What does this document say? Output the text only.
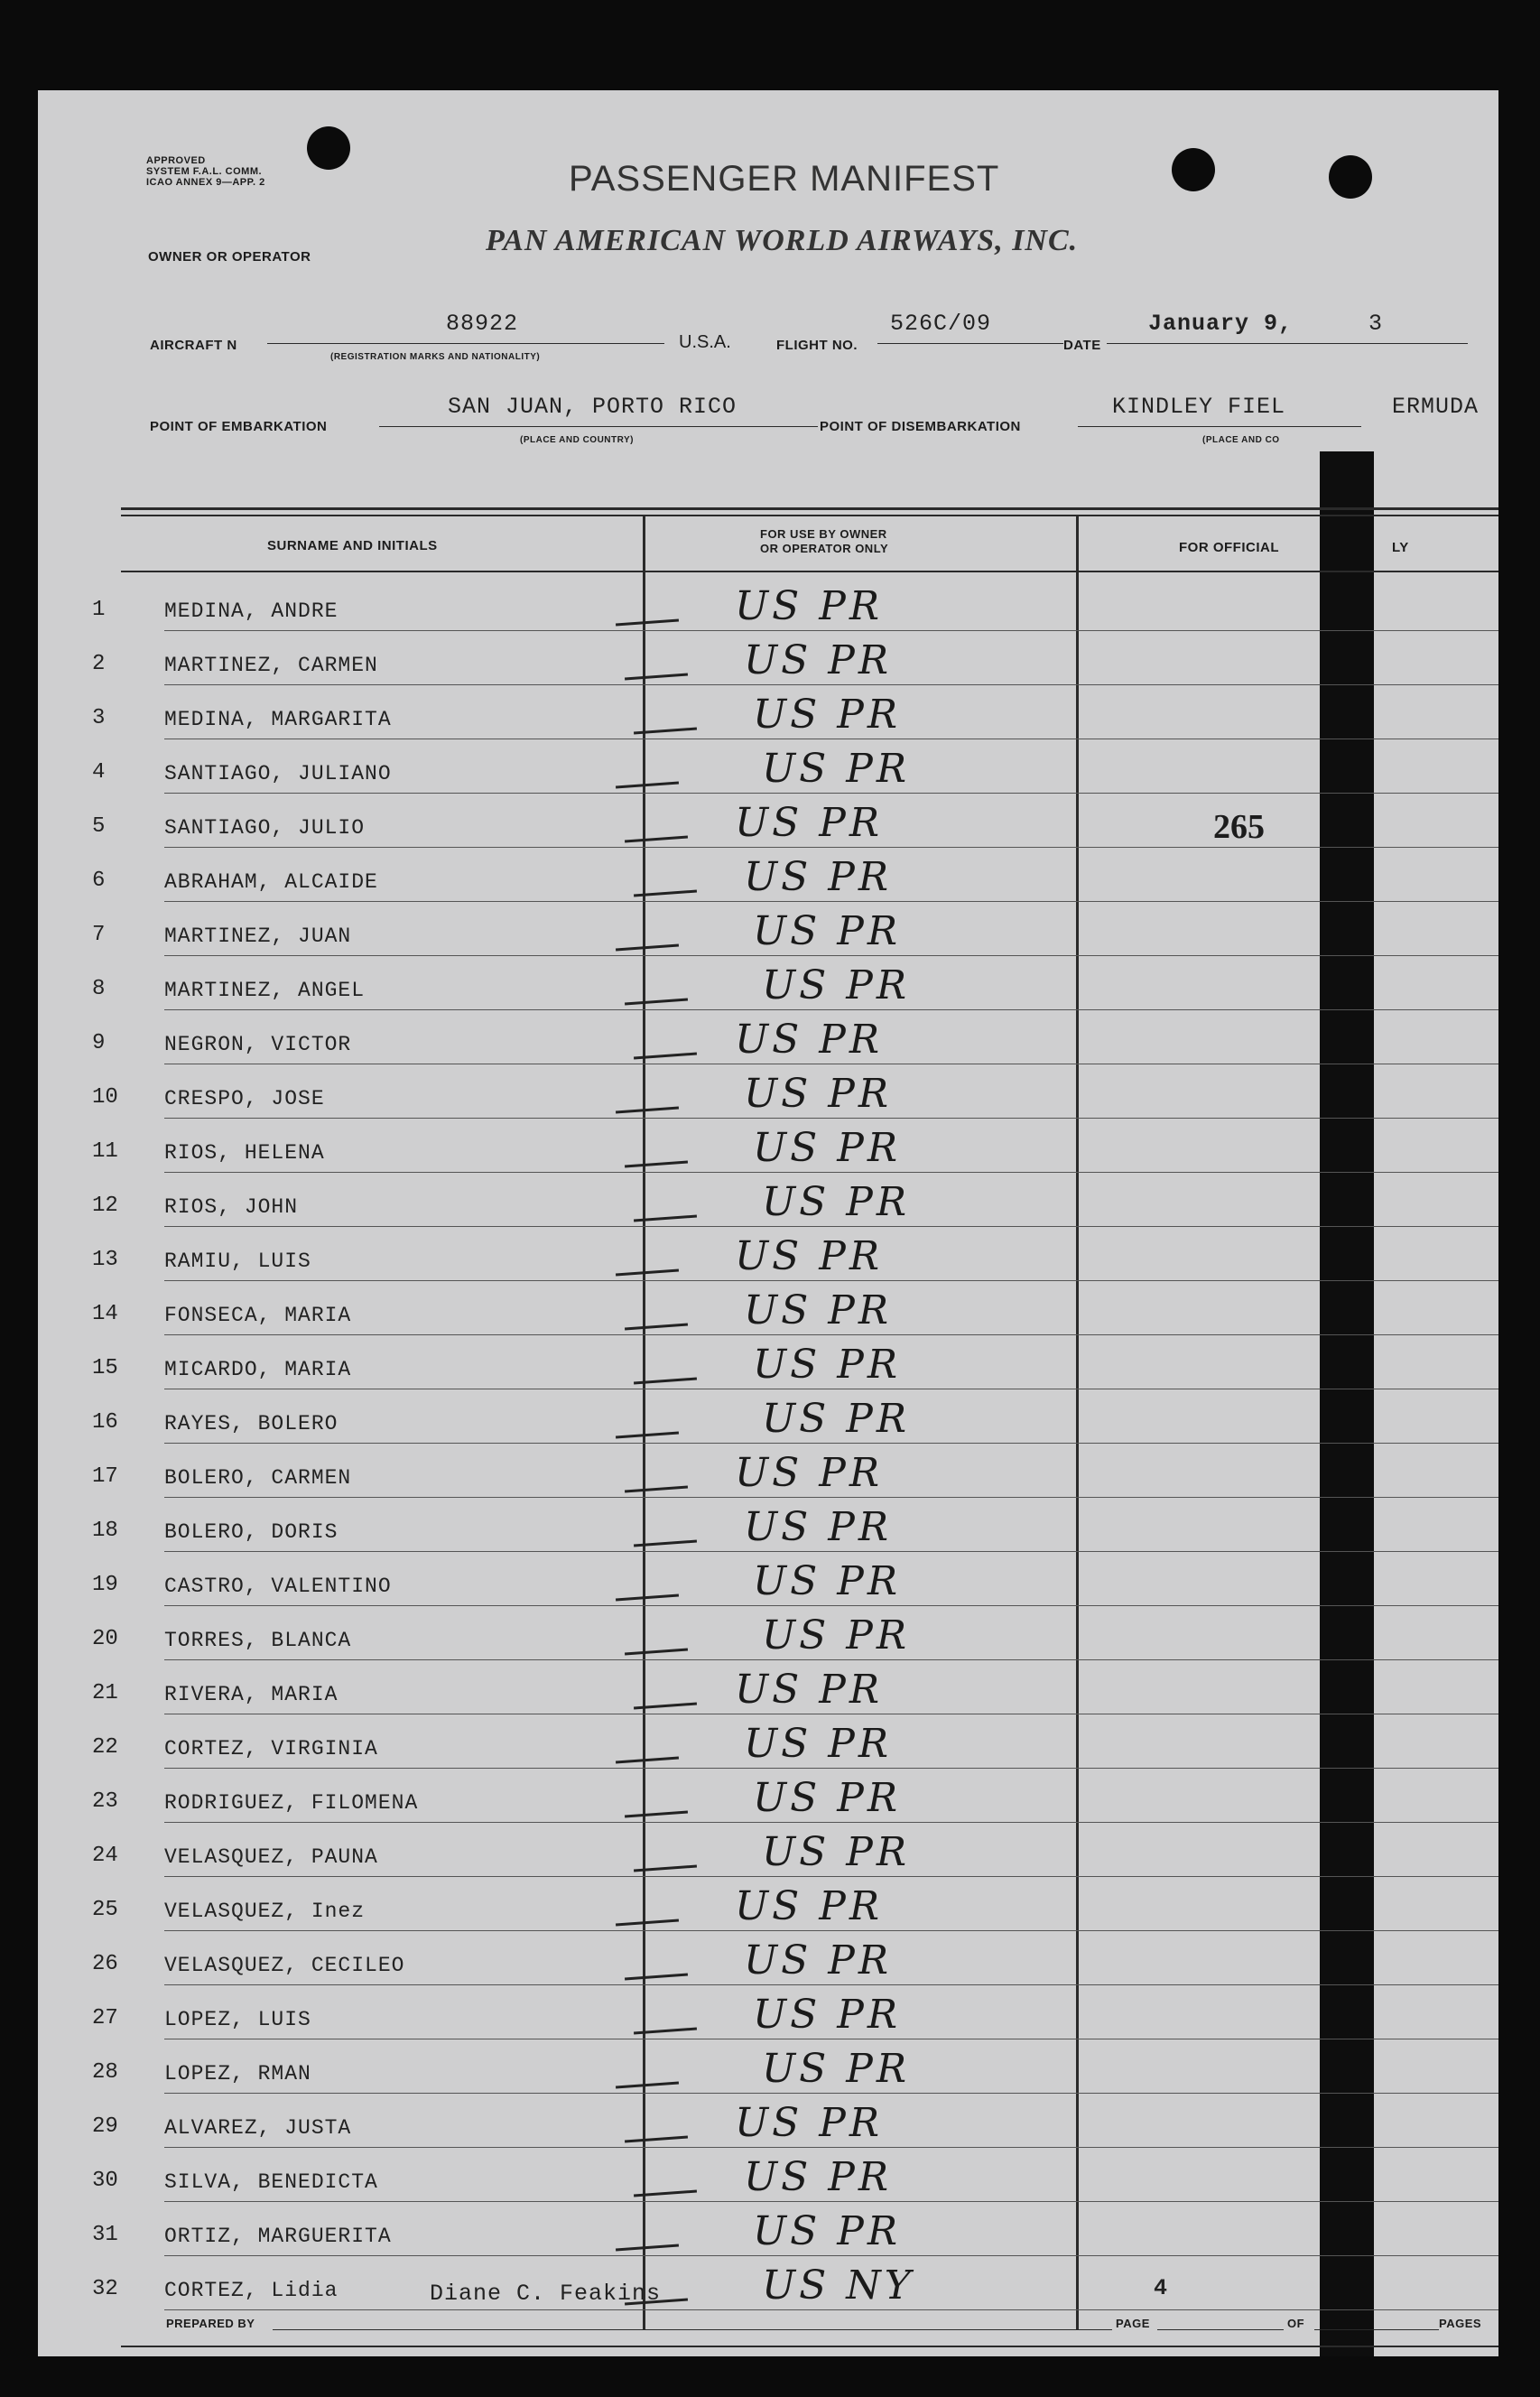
APPROVED
SYSTEM F.A.L. COMM.
ICAO ANNEX 9—APP. 2	PASSENGER MANIFEST
OWNER OR OPERATOR	PAN AMERICAN WORLD AIRWAYS, INC.
AIRCRAFT N
88922
(REGISTRATION MARKS AND NATIONALITY)
U.S.A.	FLIGHT NO.
526C/09
DATE
January 9,	3
POINT OF EMBARKATION
SAN JUAN, PORTO RICO
(PLACE AND COUNTRY)
POINT OF DISEMBARKATION
KINDLEY FIEL	ERMUDA
(PLACE AND CO
SURNAME AND INITIALS
FOR USE BY OWNER
OR OPERATOR ONLY	FOR OFFICIAL	LY
1	MEDINA, ANDRE	US PR
2	MARTINEZ, CARMEN	US PR
3	MEDINA, MARGARITA	US PR
4	SANTIAGO, JULIANO	US PR
5	SANTIAGO, JULIO	US PR	265
6	ABRAHAM, ALCAIDE	US PR
7	MARTINEZ, JUAN	US PR
8	MARTINEZ, ANGEL	US PR
9	NEGRON, VICTOR	US PR
10 CRESPO, JOSE	US PR
11 RIOS, HELENA	US PR
12 RIOS, JOHN	US PR
13 RAMIU, LUIS	US PR
14 FONSECA, MARIA	US PR
15 MICARDO, MARIA	US PR
16 RAYES, BOLERO	US PR
17 BOLERO, CARMEN	US PR
18 BOLERO, DORIS	US PR
19 CASTRO, VALENTINO	US PR
20 TORRES, BLANCA	US PR
21 RIVERA, MARIA	US PR
22 CORTEZ, VIRGINIA	US PR
23 RODRIGUEZ, FILOMENA	US PR
24 VELASQUEZ, PAUNA	US PR
25 VELASQUEZ, Inez	US PR
26 VELASQUEZ, CECILEO	US PR
27 LOPEZ, LUIS	US PR
28 LOPEZ, RMAN	US PR
29 ALVAREZ, JUSTA	US PR
30 SILVA, BENEDICTA	US PR
31 ORTIZ, MARGUERITA	US PR
32 CORTEZ, Lidia	US NY
Diane C. Feakins
PREPARED BY	PAGE
4
OF	PAGES
